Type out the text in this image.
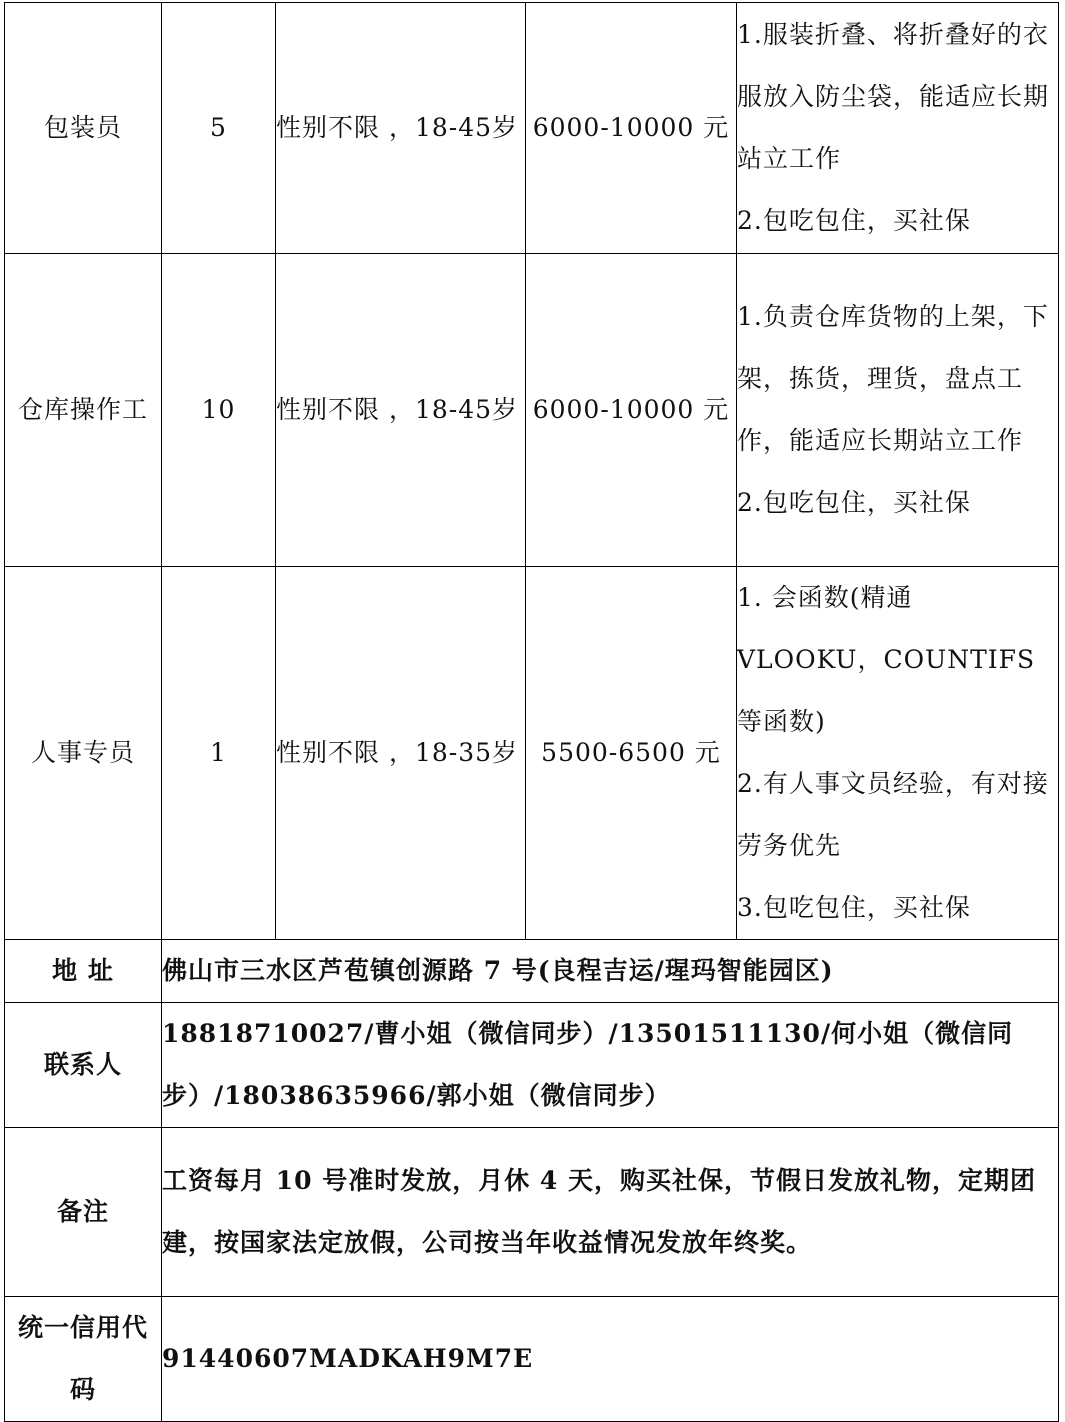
包装员	5	性别不限 ，18-45岁	6000-10000 元	1.服装折叠、将折叠好的衣服放入防尘袋，能适应长期站立工作
2.包吃包住，买社保

仓库操作工	10	性别不限 ，18-45岁	6000-10000 元	1.负责仓库货物的上架，下架，拣货，理货，盘点工作，能适应长期站立工作
2.包吃包住，买社保

人事专员	1	性别不限 ，18-35岁	5500-6500 元	1. 会函数(精通 VLOOKU，COUNTIFS 等函数)
2.有人事文员经验，有对接劳务优先
3.包吃包住，买社保

地 址	佛山市三水区芦苞镇创源路 7 号(良程吉运/瑆玛智能园区)			
联系人	18818710027/曹小姐（微信同步）/13501511130/何小姐（微信同步）/18038635966/郭小姐（微信同步）			
备注	工资每月 10 号准时发放，月休 4 天，购买社保，节假日发放礼物，定期团建，按国家法定放假，公司按当年收益情况发放年终奖。			
统一信用代码	91440607MADKAH9M7E			
